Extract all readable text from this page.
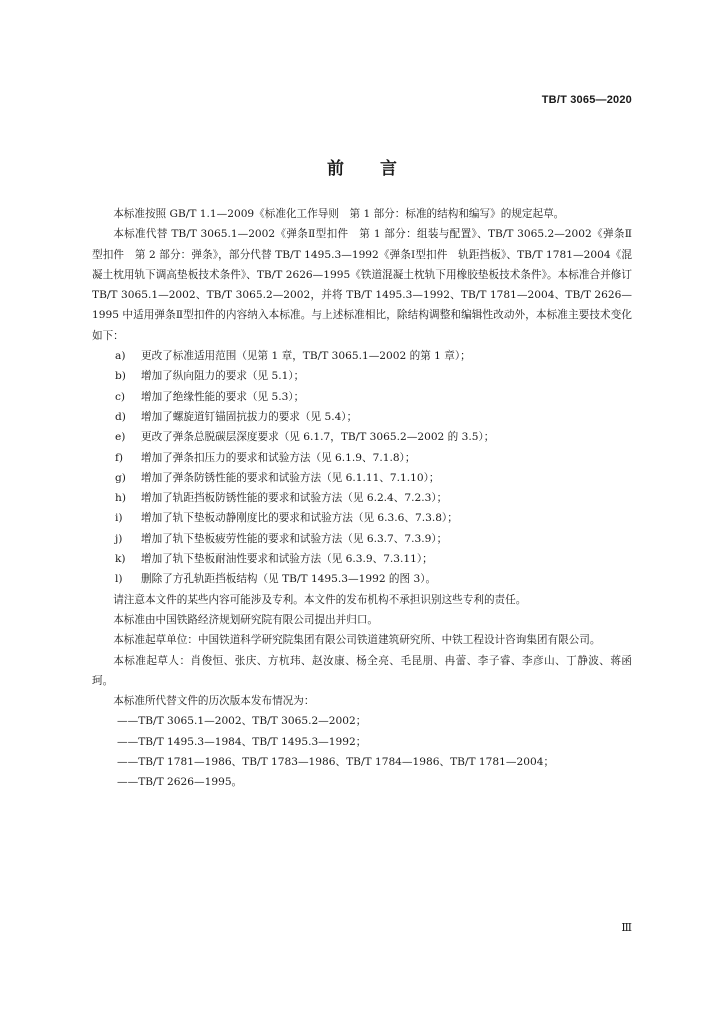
TB/T 3065—2020
前言

本标准按照 GB/T 1.1—2009《标准化工作导则　第 1 部分：标准的结构和编写》的规定起草。

本标准代替 TB/T 3065.1—2002《弹条Ⅱ型扣件　第 1 部分：组装与配置》、TB/T 3065.2—2002《弹条Ⅱ型扣件　第 2 部分：弹条》，部分代替 TB/T 1495.3—1992《弹条Ⅰ型扣件　轨距挡板》、TB/T 1781—2004《混凝土枕用轨下调高垫板技术条件》、TB/T 2626—1995《铁道混凝土枕轨下用橡胶垫板技术条件》。本标准合并修订 TB/T 3065.1—2002、TB/T 3065.2—2002，并将 TB/T 1495.3—1992、TB/T 1781—2004、TB/T 2626—1995 中适用弹条Ⅱ型扣件的内容纳入本标准。与上述标准相比，除结构调整和编辑性改动外，本标准主要技术变化如下：

a)	更改了标准适用范围（见第 1 章，TB/T 3065.1—2002 的第 1 章）；
b)	增加了纵向阻力的要求（见 5.1）；
c)	增加了绝缘性能的要求（见 5.3）；
d)	增加了螺旋道钉锚固抗拔力的要求（见 5.4）；
e)	更改了弹条总脱碳层深度要求（见 6.1.7，TB/T 3065.2—2002 的 3.5）；
f)	增加了弹条扣压力的要求和试验方法（见 6.1.9、7.1.8）；
g)	增加了弹条防锈性能的要求和试验方法（见 6.1.11、7.1.10）；
h)	增加了轨距挡板防锈性能的要求和试验方法（见 6.2.4、7.2.3）；
i)	增加了轨下垫板动静刚度比的要求和试验方法（见 6.3.6、7.3.8）；
j)	增加了轨下垫板疲劳性能的要求和试验方法（见 6.3.7、7.3.9）；
k)	增加了轨下垫板耐油性要求和试验方法（见 6.3.9、7.3.11）；
l)	删除了方孔轨距挡板结构（见 TB/T 1495.3—1992 的图 3）。

请注意本文件的某些内容可能涉及专利。本文件的发布机构不承担识别这些专利的责任。

本标准由中国铁路经济规划研究院有限公司提出并归口。

本标准起草单位：中国铁道科学研究院集团有限公司铁道建筑研究所、中铁工程设计咨询集团有限公司。

本标准起草人：肖俊恒、张庆、方杭玮、赵汝康、杨全亮、毛昆朋、冉蕾、李子睿、李彦山、丁静波、蒋函珂。

本标准所代替文件的历次版本发布情况为：

——TB/T 3065.1—2002、TB/T 3065.2—2002；

——TB/T 1495.3—1984、TB/T 1495.3—1992；

——TB/T 1781—1986、TB/T 1783—1986、TB/T 1784—1986、TB/T 1781—2004；

——TB/T 2626—1995。

Ⅲ
